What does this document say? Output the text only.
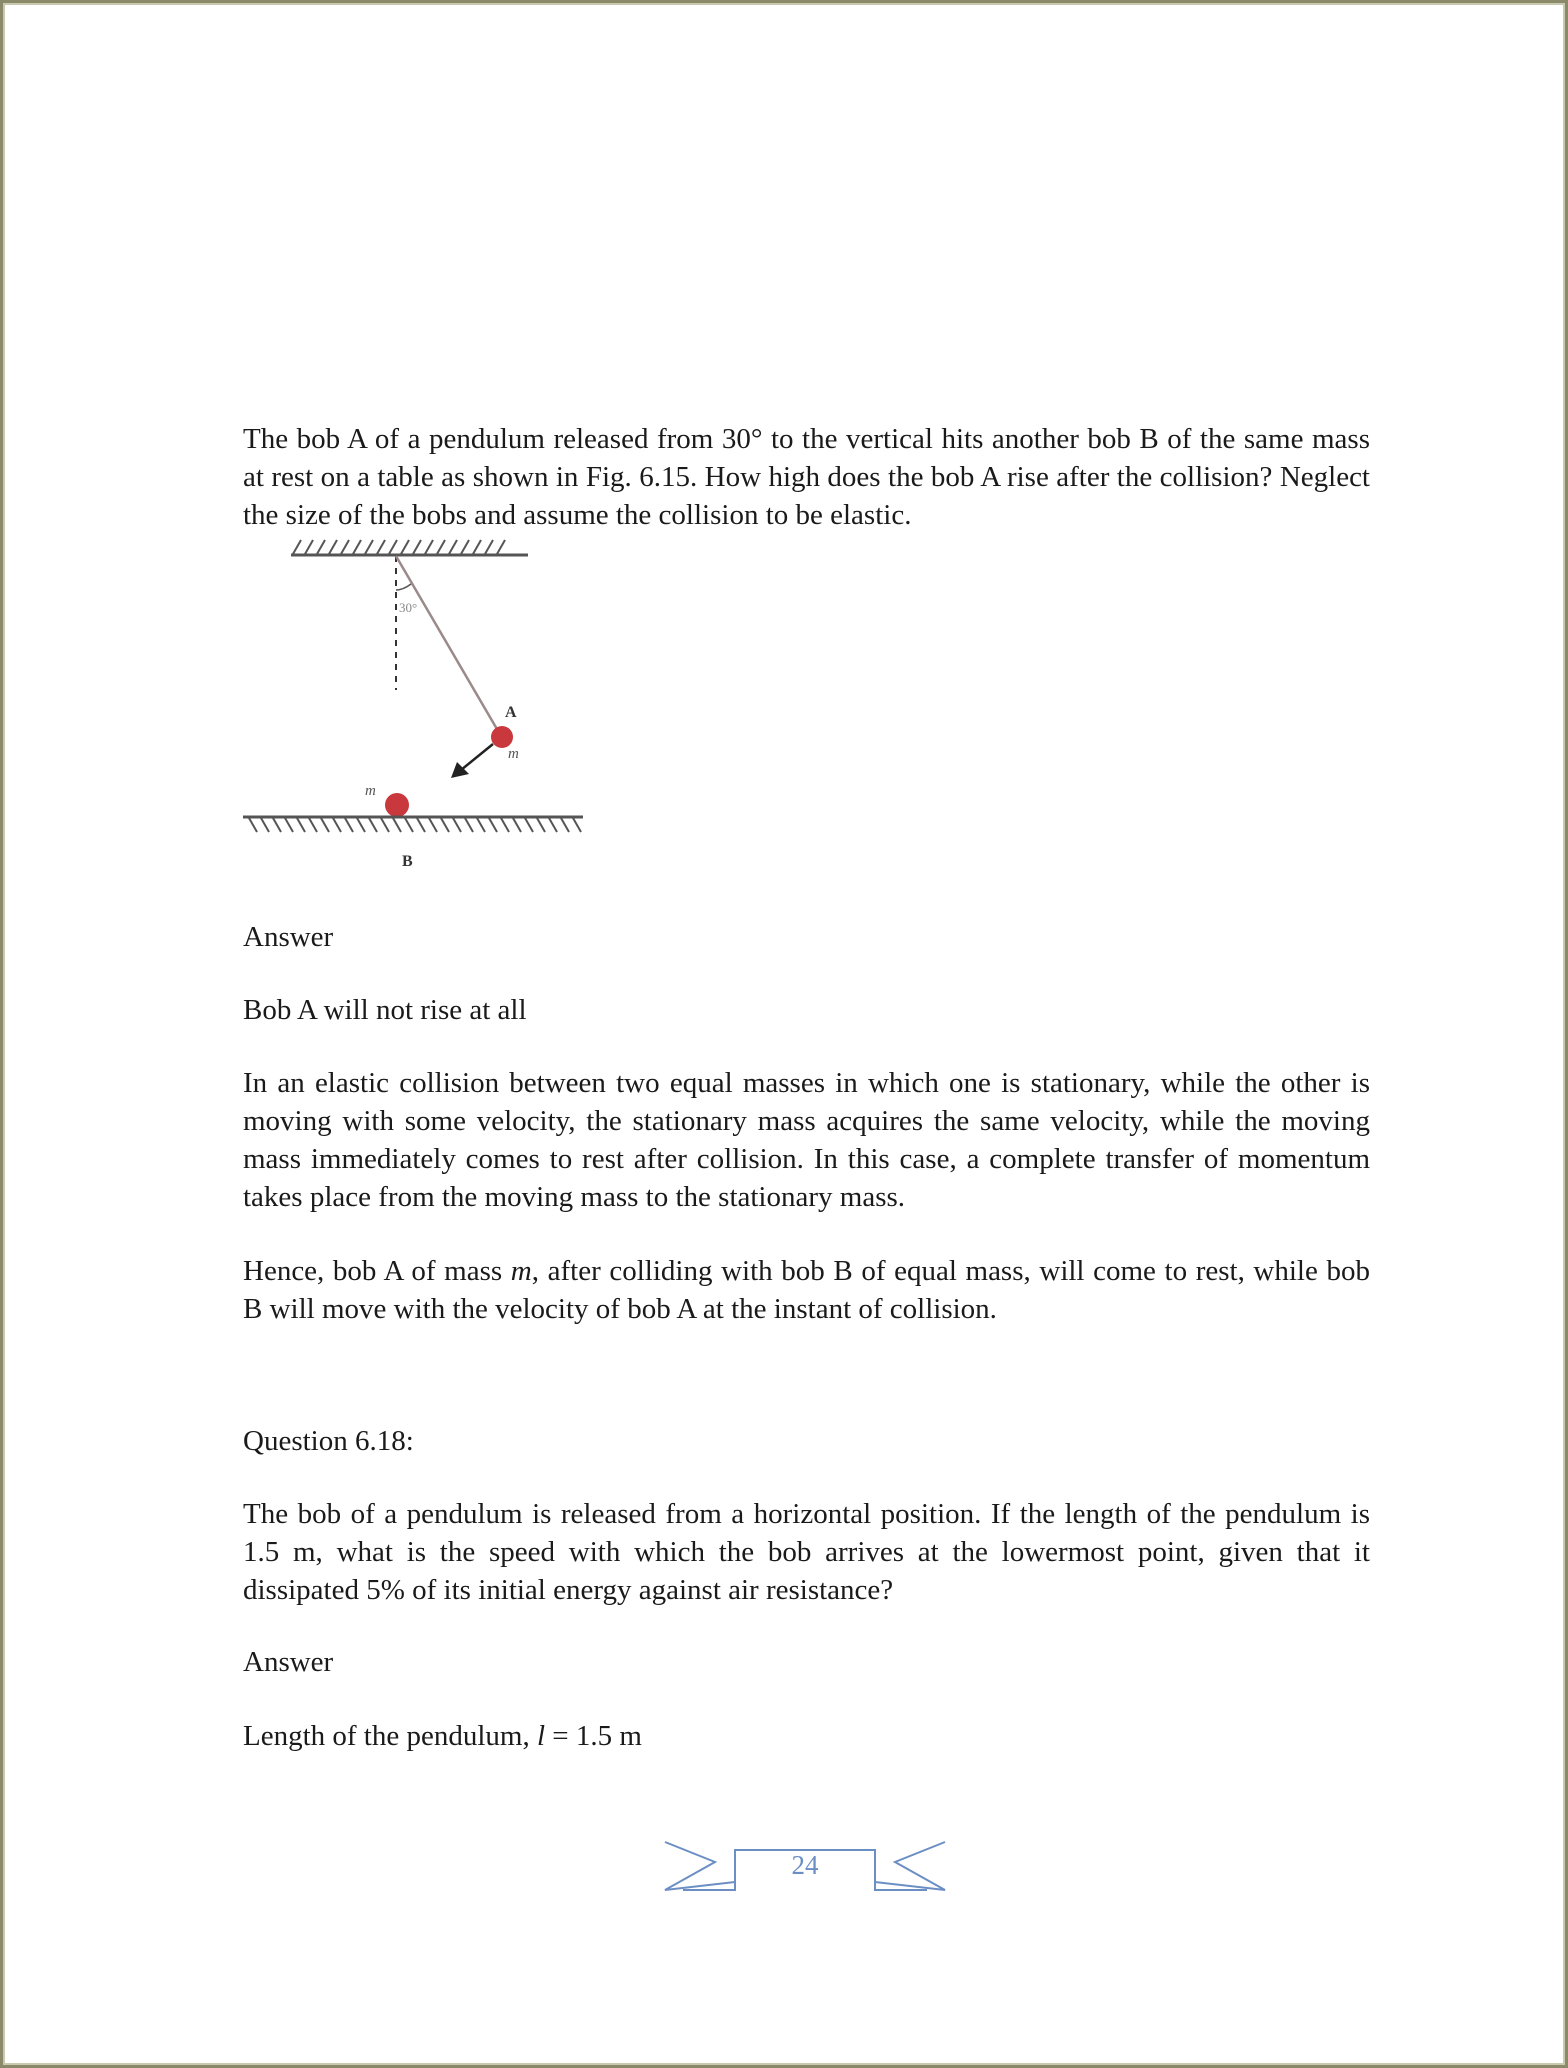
The bob A of a pendulum released from 30° to the vertical hits another bob B of the same mass at rest on a table as shown in Fig. 6.15. How high does the bob A rise after the collision? Neglect the size of the bobs and assume the collision to be elastic.

30°
A
m
m
B
Answer
Bob A will not rise at all
In an elastic collision between two equal masses in which one is stationary, while the other is moving with some velocity, the stationary mass acquires the same velocity, while the moving mass immediately comes to rest after collision. In this case, a complete transfer of momentum takes place from the moving mass to the stationary mass.
Hence, bob A of mass m, after colliding with bob B of equal mass, will come to rest, while bob B will move with the velocity of bob A at the instant of collision.
Question 6.18:
The bob of a pendulum is released from a horizontal position. If the length of the pendulum is 1.5 m, what is the speed with which the bob arrives at the lowermost point, given that it dissipated 5% of its initial energy against air resistance?
Answer
Length of the pendulum, l = 1.5 m
24
